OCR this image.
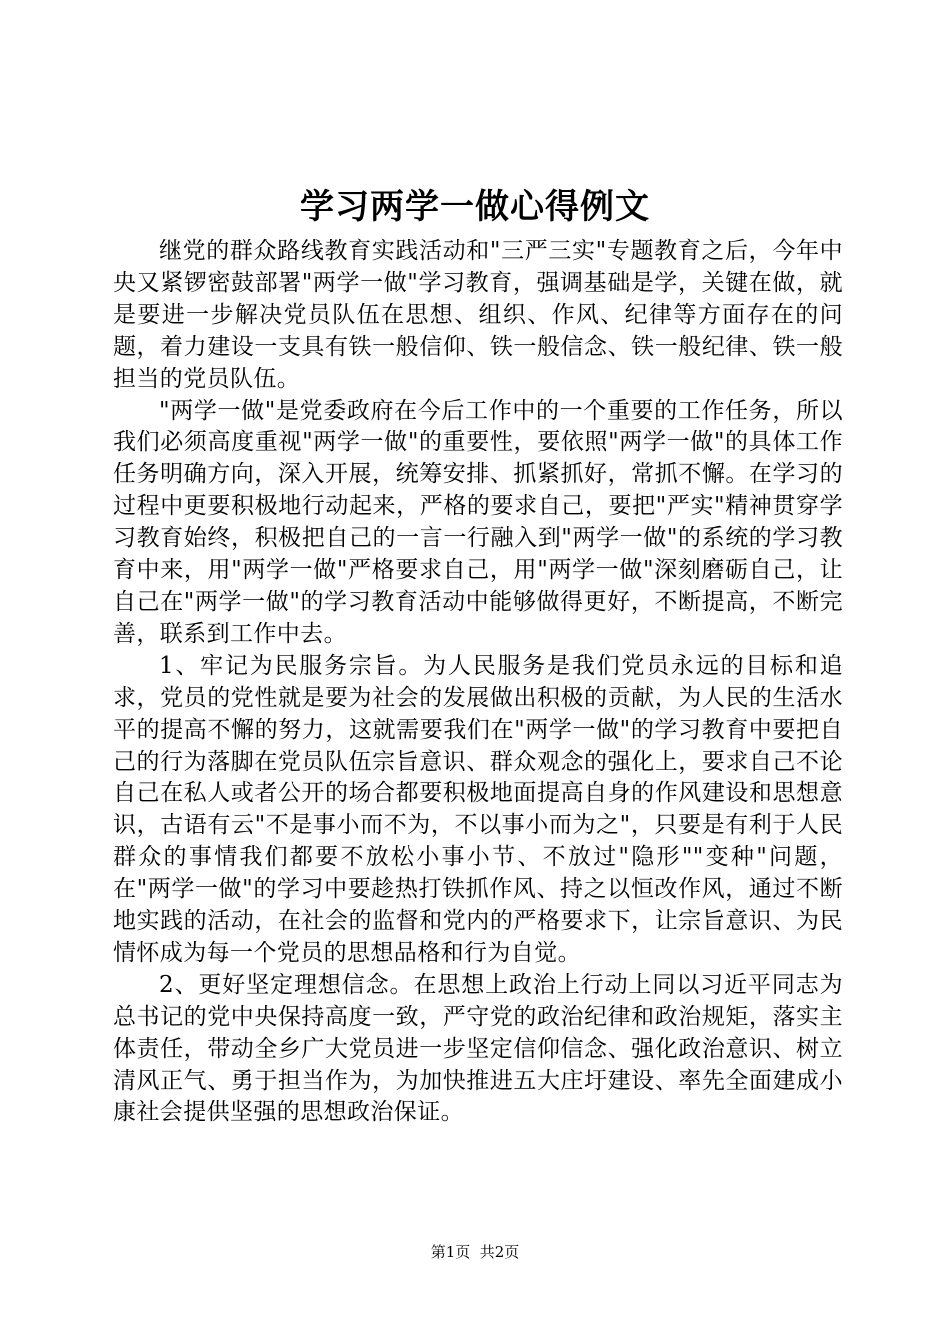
学习两学一做心得例文

继党的群众路线教育实践活动和"三严三实"专题教育之后，今年中央又紧锣密鼓部署"两学一做"学习教育，强调基础是学，关键在做，就是要进一步解决党员队伍在思想、组织、作风、纪律等方面存在的问题，着力建设一支具有铁一般信仰、铁一般信念、铁一般纪律、铁一般担当的党员队伍。

"两学一做"是党委政府在今后工作中的一个重要的工作任务，所以我们必须高度重视"两学一做"的重要性，要依照"两学一做"的具体工作任务明确方向，深入开展，统筹安排、抓紧抓好，常抓不懈。在学习的过程中更要积极地行动起来，严格的要求自己，要把"严实"精神贯穿学习教育始终，积极把自己的一言一行融入到"两学一做"的系统的学习教育中来，用"两学一做"严格要求自己，用"两学一做"深刻磨砺自己，让自己在"两学一做"的学习教育活动中能够做得更好，不断提高，不断完善，联系到工作中去。

1、牢记为民服务宗旨。为人民服务是我们党员永远的目标和追求，党员的党性就是要为社会的发展做出积极的贡献，为人民的生活水平的提高不懈的努力，这就需要我们在"两学一做"的学习教育中要把自己的行为落脚在党员队伍宗旨意识、群众观念的强化上，要求自己不论自己在私人或者公开的场合都要积极地面提高自身的作风建设和思想意识，古语有云"不是事小而不为，不以事小而为之"，只要是有利于人民群众的事情我们都要不放松小事小节、不放过"隐形""变种"问题，在"两学一做"的学习中要趁热打铁抓作风、持之以恒改作风，通过不断地实践的活动，在社会的监督和党内的严格要求下，让宗旨意识、为民情怀成为每一个党员的思想品格和行为自觉。

2、更好坚定理想信念。在思想上政治上行动上同以习近平同志为总书记的党中央保持高度一致，严守党的政治纪律和政治规矩，落实主体责任，带动全乡广大党员进一步坚定信仰信念、强化政治意识、树立清风正气、勇于担当作为，为加快推进五大庄圩建设、率先全面建成小康社会提供坚强的思想政治保证。

第1页  共2页
